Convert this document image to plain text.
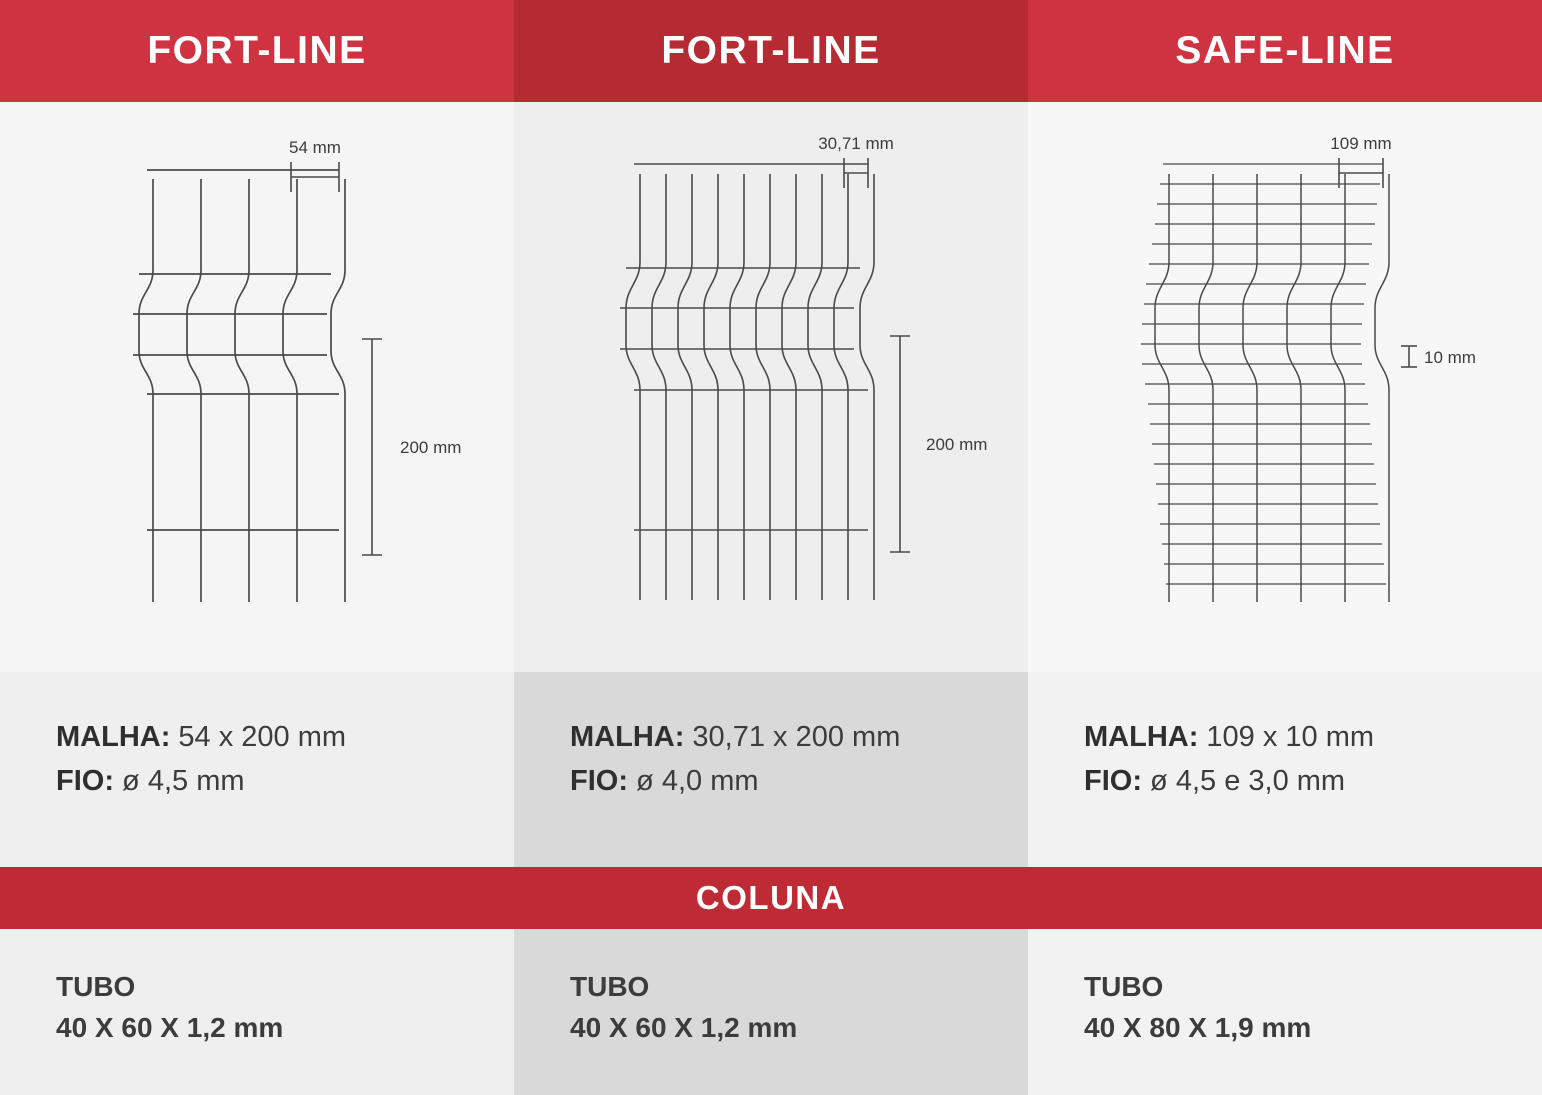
FORT-LINE	FORT-LINE	SAFE-LINE
54 mm
200 mm
30,71 mm
200 mm
109 mm
10 mm
MALHA: 54 x 200 mm
FIO: ø 4,5 mm
MALHA: 30,71 x 200 mm
FIO: ø 4,0 mm
MALHA: 109 x 10 mm
FIO: ø 4,5 e 3,0 mm
COLUNA
TUBO
40 X 60 X 1,2 mm
TUBO
40 X 60 X 1,2 mm
TUBO
40 X 80 X 1,9 mm
